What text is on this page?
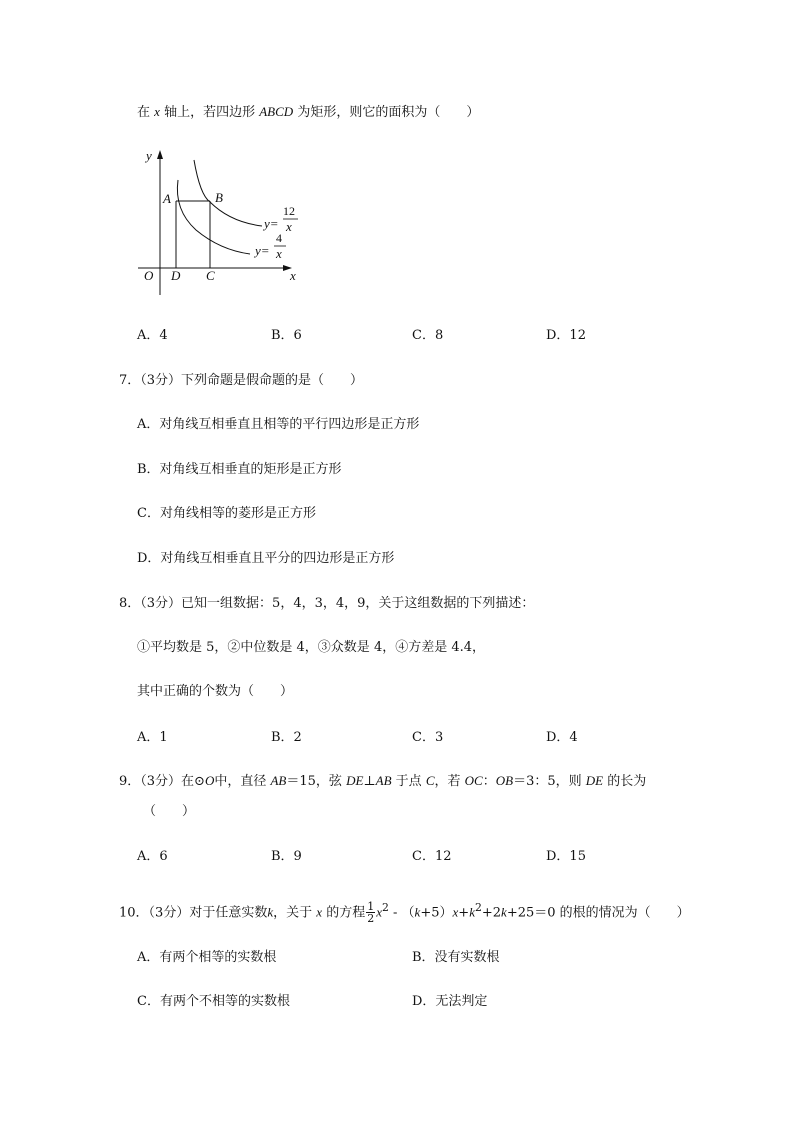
在 x 轴上，若四边形 ABCD 为矩形，则它的面积为（　　）
y
x
O D C
A	B
y=
12
x
y=
4
x
A．4	B．6	C．8	D．12
7．（3分）下列命题是假命题的是（　　）
A．对角线互相垂直且相等的平行四边形是正方形
B．对角线互相垂直的矩形是正方形
C．对角线相等的菱形是正方形
D．对角线互相垂直且平分的四边形是正方形
8．（3分）已知一组数据：5，4，3，4，9，关于这组数据的下列描述：
①平均数是 5，②中位数是 4，③众数是 4，④方差是 4.4，
其中正确的个数为（　　）
A．1	B．2	C．3	D．4
9．（3分）在⊙O中，直径 AB＝15，弦 DE⊥AB 于点 C，若 OC：OB＝3：5，则 DE 的长为
（　　）
A．6	B．9	C．12	D．15
10．（3分）对于任意实数k，关于 x 的方程 $\frac{1}{2} x^2 - (k+5)x+k^2+2k+25=0$ 的根的情况为（　　）
A．有两个相等的实数根	B．没有实数根
C．有两个不相等的实数根	D．无法判定
